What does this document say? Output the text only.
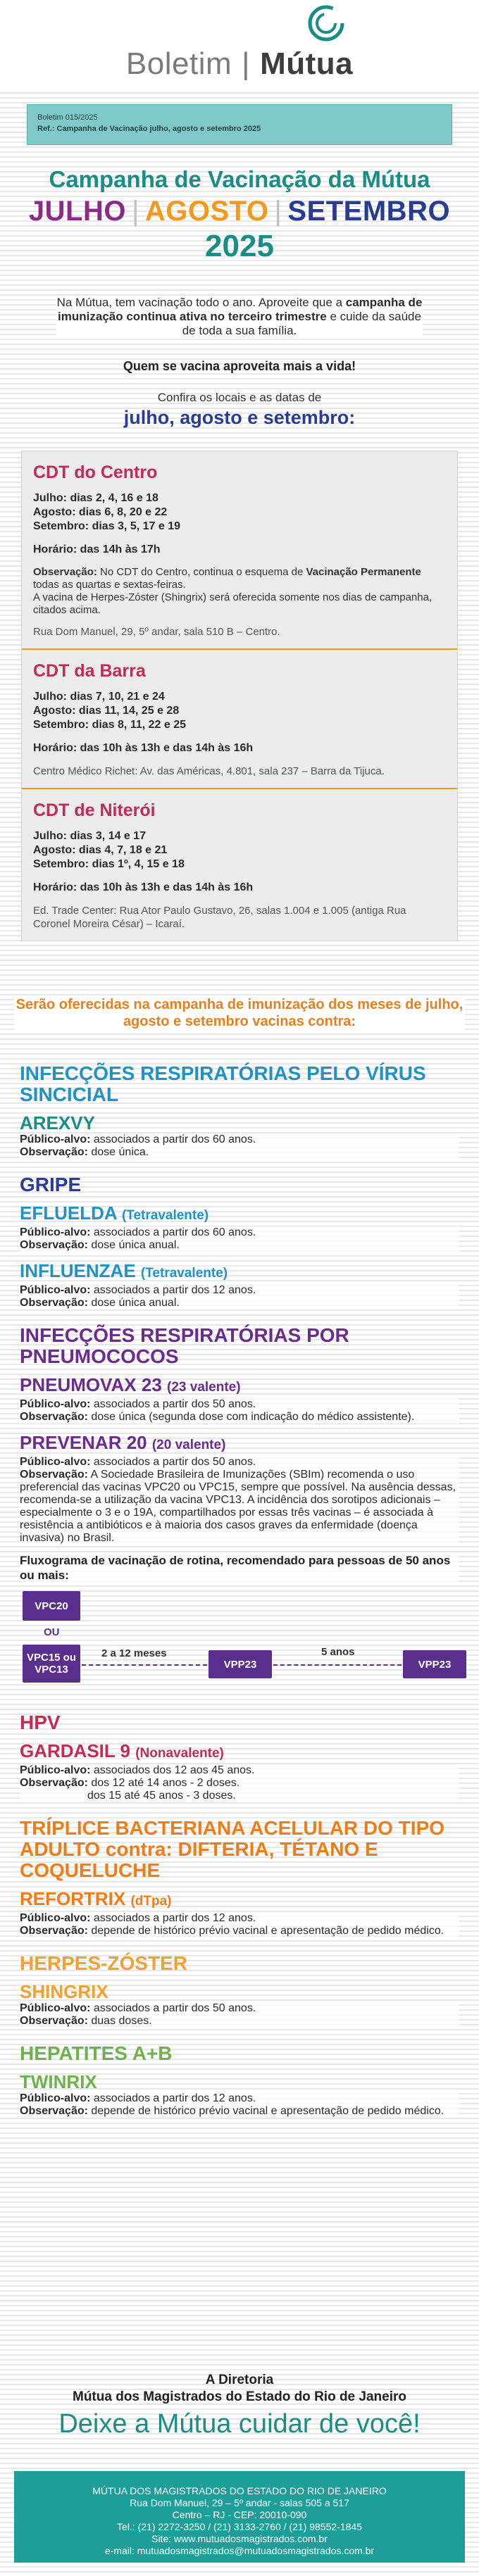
Boletim | Mútua
Boletim 015/2025
Ref.: Campanha de Vacinação julho, agosto e setembro 2025
Campanha de Vacinação da Mútua
JULHO | AGOSTO | SETEMBRO
2025
Na Mútua, tem vacinação todo o ano. Aproveite que a campanha de imunização continua ativa no terceiro trimestre e cuide da saúde de toda a sua família.
Quem se vacina aproveita mais a vida!
Confira os locais e as datas de
julho, agosto e setembro:
CDT do Centro
Julho: dias 2, 4, 16 e 18
Agosto: dias 6, 8, 20 e 22
Setembro: dias 3, 5, 17 e 19
Horário: das 14h às 17h
Observação: No CDT do Centro, continua o esquema de Vacinação Permanente todas as quartas e sextas-feiras.
A vacina de Herpes-Zóster (Shingrix) será oferecida somente nos dias de campanha, citados acima.
Rua Dom Manuel, 29, 5º andar, sala 510 B – Centro.
CDT da Barra
Julho: dias 7, 10, 21 e 24
Agosto: dias 11, 14, 25 e 28
Setembro: dias 8, 11, 22 e 25
Horário: das 10h às 13h e das 14h às 16h
Centro Médico Richet: Av. das Américas, 4.801, sala 237 – Barra da Tijuca.
CDT de Niterói
Julho: dias 3, 14 e 17
Agosto: dias 4, 7, 18 e 21
Setembro: dias 1º, 4, 15 e 18
Horário: das 10h às 13h e das 14h às 16h
Ed. Trade Center: Rua Ator Paulo Gustavo, 26, salas 1.004 e 1.005 (antiga Rua Coronel Moreira César) – Icaraí.
Serão oferecidas na campanha de imunização dos meses de julho, agosto e setembro vacinas contra:
INFECÇÕES RESPIRATÓRIAS PELO VÍRUS SINCICIAL
AREXVY

Público-alvo: associados a partir dos 60 anos.

Observação: dose única.

GRIPE
EFLUELDA (Tetravalente)

Público-alvo: associados a partir dos 60 anos.

Observação: dose única anual.

INFLUENZAE (Tetravalente)

Público-alvo: associados a partir dos 12 anos.

Observação: dose única anual.

INFECÇÕES RESPIRATÓRIAS POR PNEUMOCOCOS
PNEUMOVAX 23 (23 valente)

Público-alvo: associados a partir dos 50 anos.

Observação: dose única (segunda dose com indicação do médico assistente).

PREVENAR 20 (20 valente)

Público-alvo: associados a partir dos 50 anos.

Observação: A Sociedade Brasileira de Imunizações (SBIm) recomenda o uso preferencial das vacinas VPC20 ou VPC15, sempre que possível. Na ausência dessas, recomenda-se a utilização da vacina VPC13. A incidência dos sorotipos adicionais – especialmente o 3 e o 19A, compartilhados por essas três vacinas – é associada à resistência a antibióticos e à maioria dos casos graves da enfermidade (doença invasiva) no Brasil.

Fluxograma de vacinação de rotina, recomendado para pessoas de 50 anos ou mais:
VPC20
OU
VPC15 ou VPC13
2 a 12 meses
VPP23
5 anos
VPP23
HPV
GARDASIL 9 (Nonavalente)

Público-alvo: associados dos 12 aos 45 anos.

Observação: dos 12 até 14 anos - 2 doses.

dos 15 até 45 anos - 3 doses.

TRÍPLICE BACTERIANA ACELULAR DO TIPO ADULTO contra: DIFTERIA, TÉTANO E COQUELUCHE
REFORTRIX (dTpa)

Público-alvo: associados a partir dos 12 anos.

Observação: depende de histórico prévio vacinal e apresentação de pedido médico.

HERPES-ZÓSTER
SHINGRIX

Público-alvo: associados a partir dos 50 anos.

Observação: duas doses.

HEPATITES A+B
TWINRIX

Público-alvo: associados a partir dos 12 anos.

Observação: depende de histórico prévio vacinal e apresentação de pedido médico.

A Diretoria
Mútua dos Magistrados do Estado do Rio de Janeiro
Deixe a Mútua cuidar de você!
MÚTUA DOS MAGISTRADOS DO ESTADO DO RIO DE JANEIRO
Rua Dom Manuel, 29 – 5º andar - salas 505 a 517
Centro – RJ - CEP: 20010-090
Tel.: (21) 2272-3250 / (21) 3133-2760 / (21) 98552-1845
Site: www.mutuadosmagistrados.com.br
e-mail: mutuadosmagistrados@mutuadosmagistrados.com.br
